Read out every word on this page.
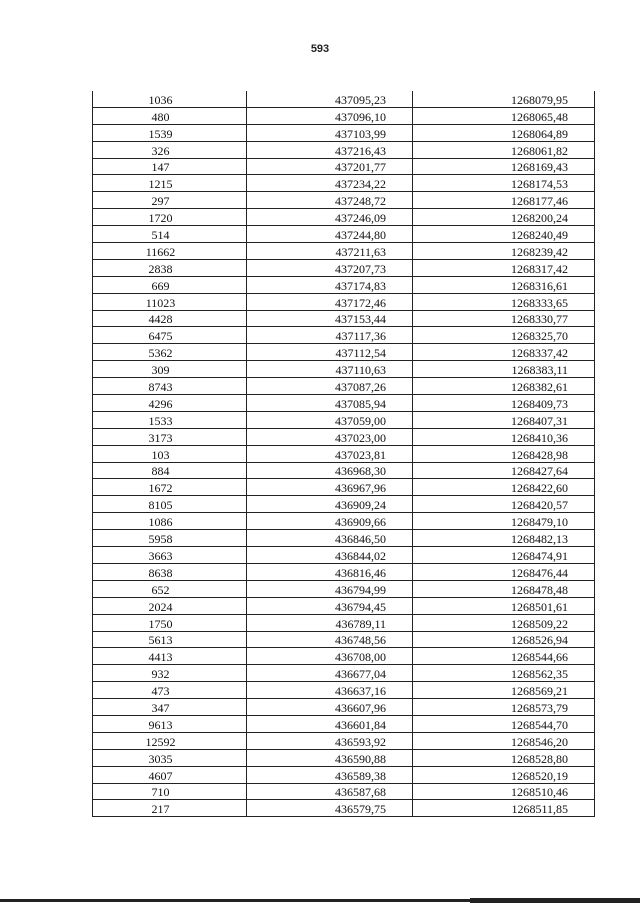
593
1036	437095,23	1268079,95
480	437096,10	1268065,48
1539	437103,99	1268064,89
326	437216,43	1268061,82
147	437201,77	1268169,43
1215	437234,22	1268174,53
297	437248,72	1268177,46
1720	437246,09	1268200,24
514	437244,80	1268240,49
11662	437211,63	1268239,42
2838	437207,73	1268317,42
669	437174,83	1268316,61
11023	437172,46	1268333,65
4428	437153,44	1268330,77
6475	437117,36	1268325,70
5362	437112,54	1268337,42
309	437110,63	1268383,11
8743	437087,26	1268382,61
4296	437085,94	1268409,73
1533	437059,00	1268407,31
3173	437023,00	1268410,36
103	437023,81	1268428,98
884	436968,30	1268427,64
1672	436967,96	1268422,60
8105	436909,24	1268420,57
1086	436909,66	1268479,10
5958	436846,50	1268482,13
3663	436844,02	1268474,91
8638	436816,46	1268476,44
652	436794,99	1268478,48
2024	436794,45	1268501,61
1750	436789,11	1268509,22
5613	436748,56	1268526,94
4413	436708,00	1268544,66
932	436677,04	1268562,35
473	436637,16	1268569,21
347	436607,96	1268573,79
9613	436601,84	1268544,70
12592	436593,92	1268546,20
3035	436590,88	1268528,80
4607	436589,38	1268520,19
710	436587,68	1268510,46
217	436579,75	1268511,85
